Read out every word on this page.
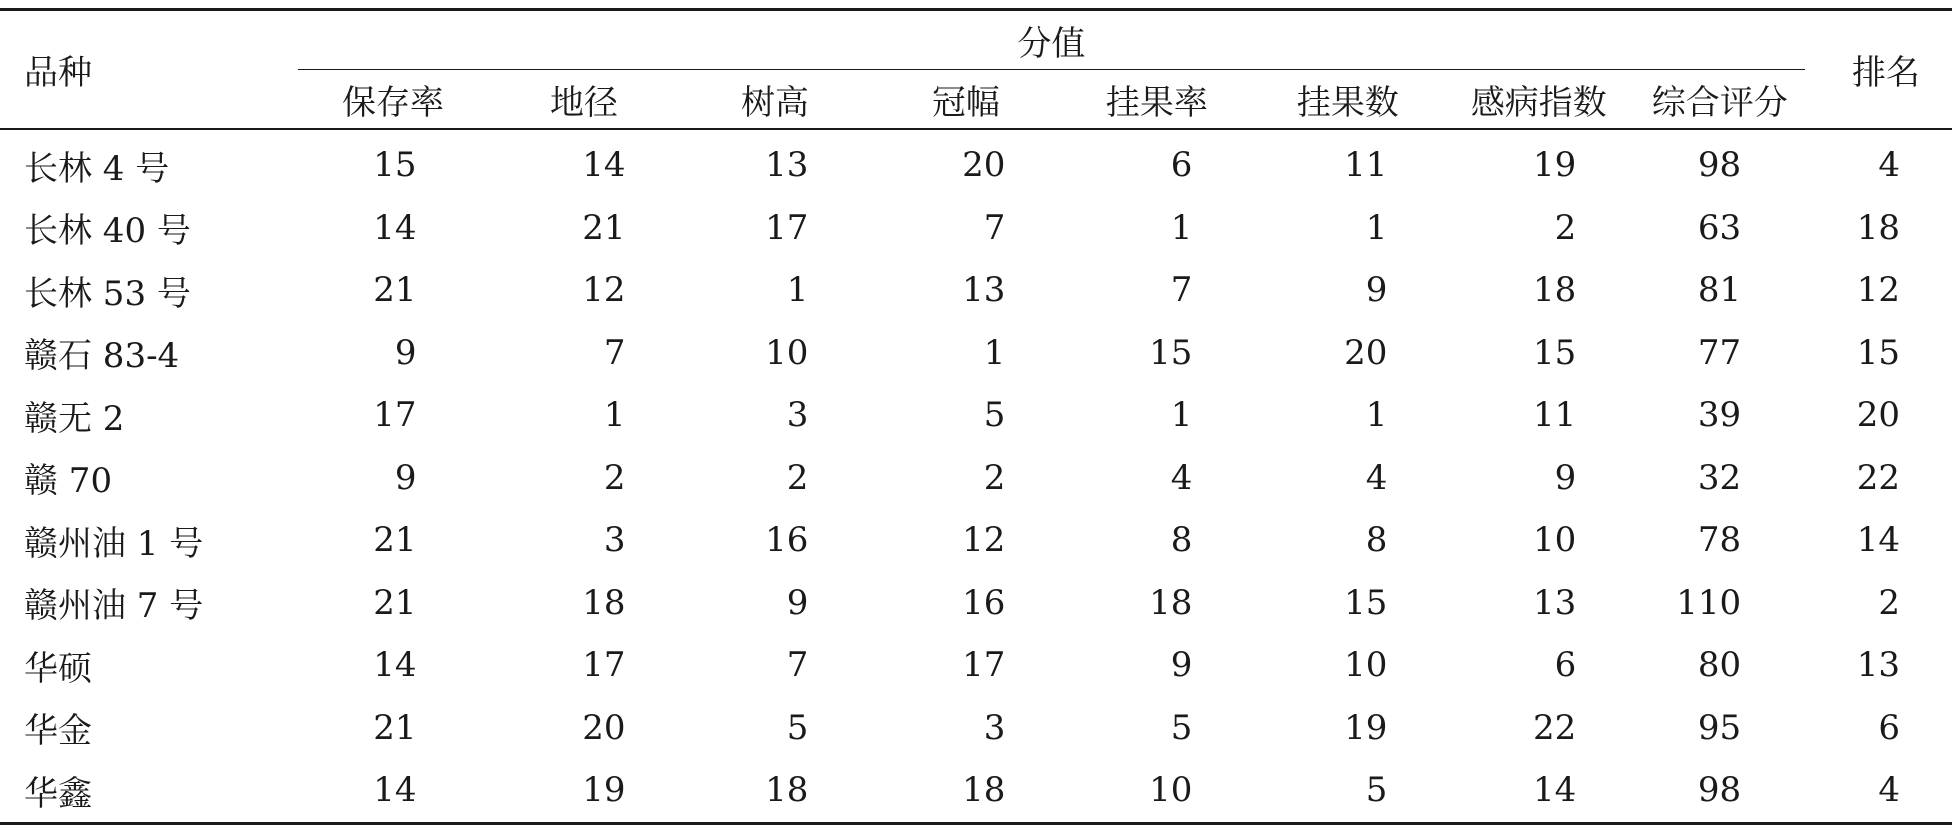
品种	分值								排名
	保存率	地径	树高	冠幅	挂果率	挂果数	感病指数	综合评分	
长林 4 号	15	14	13	20	6	11	19	98	4
长林 40 号	14	21	17	7	1	1	2	63	18
长林 53 号	21	12	1	13	7	9	18	81	12
赣石 83-4	9	7	10	1	15	20	15	77	15
赣无 2	17	1	3	5	1	1	11	39	20
赣 70	9	2	2	2	4	4	9	32	22
赣州油 1 号	21	3	16	12	8	8	10	78	14
赣州油 7 号	21	18	9	16	18	15	13	110	2
华硕	14	17	7	17	9	10	6	80	13
华金	21	20	5	3	5	19	22	95	6
华鑫	14	19	18	18	10	5	14	98	4
